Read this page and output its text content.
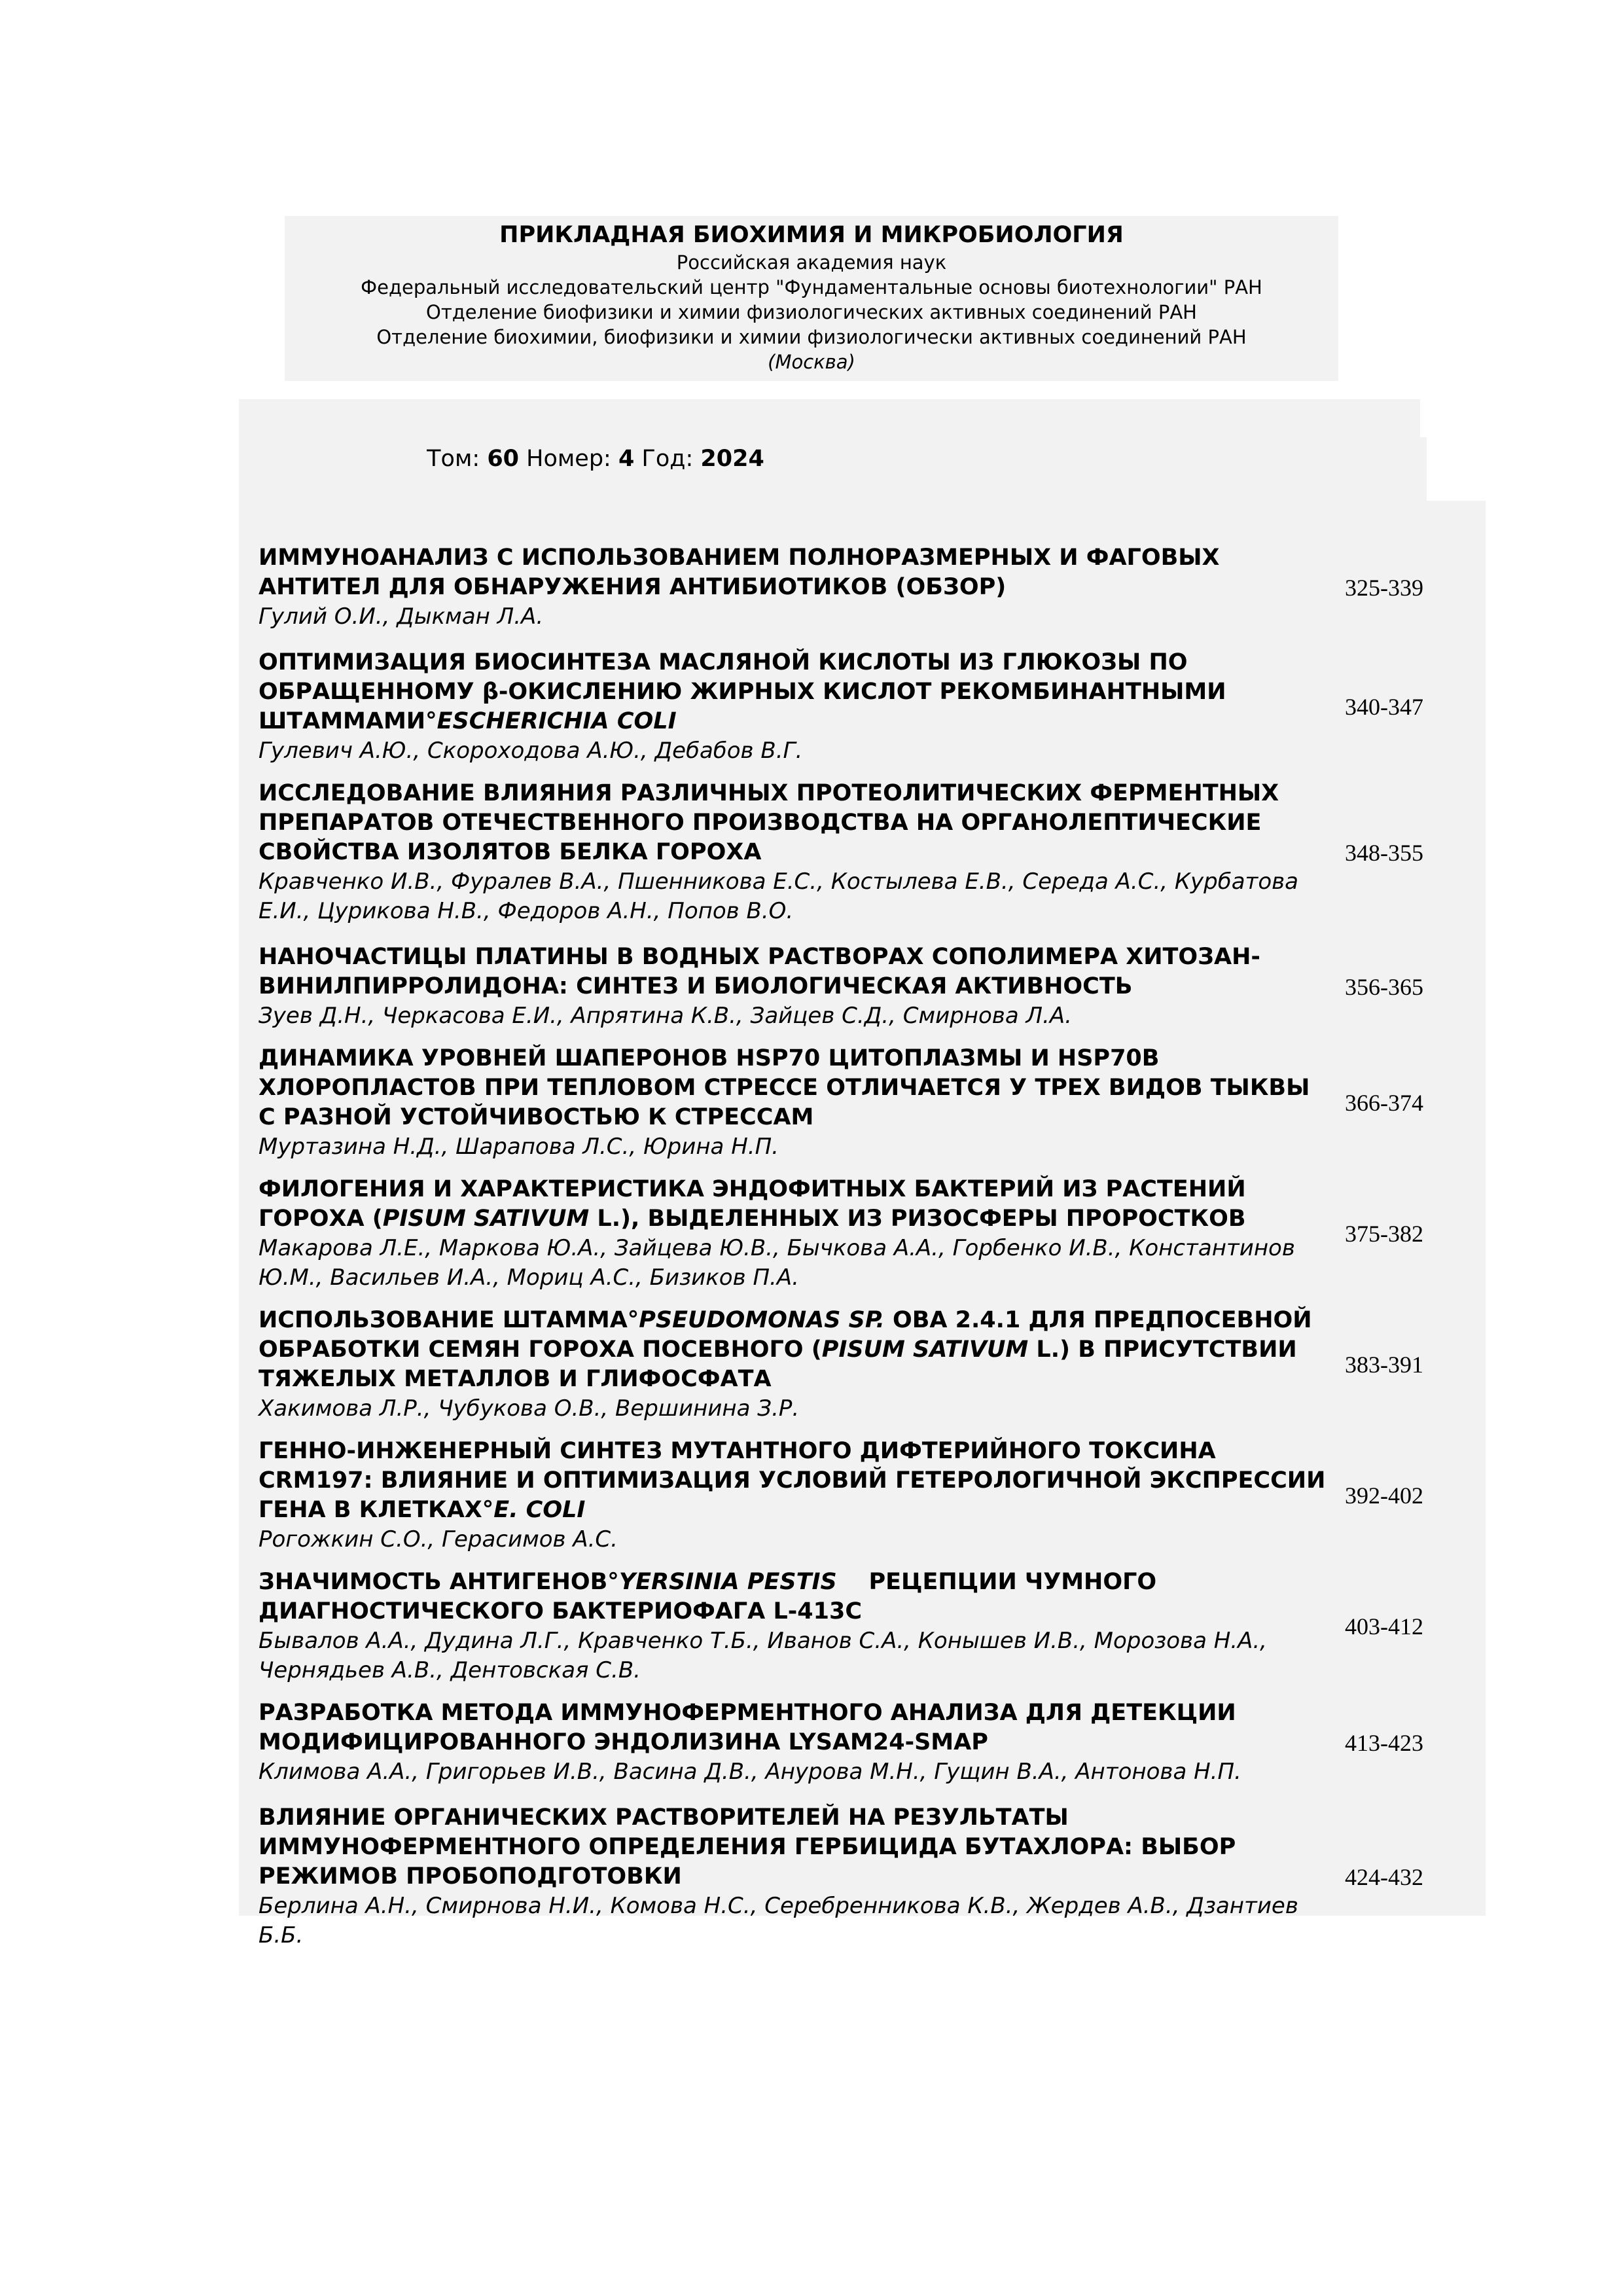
ПРИКЛАДНАЯ БИОХИМИЯ И МИКРОБИОЛОГИЯ
Российская академия наук
Федеральный исследовательский центр "Фундаментальные основы биотехнологии" РАН
Отделение биофизики и химии физиологических активных соединений РАН
Отделение биохимии, биофизики и химии физиологически активных соединений РАН
(Москва)
Том: 60 Номер: 4 Год: 2024
ИММУНОАНАЛИЗ С ИСПОЛЬЗОВАНИЕМ ПОЛНОРАЗМЕРНЫХ И ФАГОВЫХ АНТИТЕЛ ДЛЯ ОБНАРУЖЕНИЯ АНТИБИОТИКОВ (ОБЗОР)
Гулий О.И., Дыкман Л.А.
325-339
ОПТИМИЗАЦИЯ БИОСИНТЕЗА МАСЛЯНОЙ КИСЛОТЫ ИЗ ГЛЮКОЗЫ ПО ОБРАЩЕННОМУ β-ОКИСЛЕНИЮ ЖИРНЫХ КИСЛОТ РЕКОМБИНАНТНЫМИ ШТАММАМИ°ESCHERICHIA COLI
Гулевич А.Ю., Скороходова А.Ю., Дебабов В.Г.
340-347
ИССЛЕДОВАНИЕ ВЛИЯНИЯ РАЗЛИЧНЫХ ПРОТЕОЛИТИЧЕСКИХ ФЕРМЕНТНЫХ ПРЕПАРАТОВ ОТЕЧЕСТВЕННОГО ПРОИЗВОДСТВА НА ОРГАНОЛЕПТИЧЕСКИЕ СВОЙСТВА ИЗОЛЯТОВ БЕЛКА ГОРОХА
Кравченко И.В., Фуралев В.А., Пшенникова Е.С., Костылева Е.В., Середа А.С., Курбатова Е.И., Цурикова Н.В., Федоров А.Н., Попов В.О.
348-355
НАНОЧАСТИЦЫ ПЛАТИНЫ В ВОДНЫХ РАСТВОРАХ СОПОЛИМЕРА ХИТОЗАН-ВИНИЛПИРРОЛИДОНА: СИНТЕЗ И БИОЛОГИЧЕСКАЯ АКТИВНОСТЬ
Зуев Д.Н., Черкасова Е.И., Апрятина К.В., Зайцев С.Д., Смирнова Л.А.
356-365
ДИНАМИКА УРОВНЕЙ ШАПЕРОНОВ HSP70 ЦИТОПЛАЗМЫ И HSP70B ХЛОРОПЛАСТОВ ПРИ ТЕПЛОВОМ СТРЕССЕ ОТЛИЧАЕТСЯ У ТРЕХ ВИДОВ ТЫКВЫ С РАЗНОЙ УСТОЙЧИВОСТЬЮ К СТРЕССАМ
Муртазина Н.Д., Шарапова Л.С., Юрина Н.П.
366-374
ФИЛОГЕНИЯ И ХАРАКТЕРИСТИКА ЭНДОФИТНЫХ БАКТЕРИЙ ИЗ РАСТЕНИЙ ГОРОХА (PISUM SATIVUM L.), ВЫДЕЛЕННЫХ ИЗ РИЗОСФЕРЫ ПРОРОСТКОВ
Макарова Л.Е., Маркова Ю.А., Зайцева Ю.В., Бычкова А.А., Горбенко И.В., Константинов Ю.М., Васильев И.А., Мориц А.С., Бизиков П.А.
375-382
ИСПОЛЬЗОВАНИЕ ШТАММА°PSEUDOMONAS SP. OBA 2.4.1 ДЛЯ ПРЕДПОСЕВНОЙ ОБРАБОТКИ СЕМЯН ГОРОХА ПОСЕВНОГО (PISUM SATIVUM L.) В ПРИСУТСТВИИ ТЯЖЕЛЫХ МЕТАЛЛОВ И ГЛИФОСФАТА
Хакимова Л.Р., Чубукова О.В., Вершинина З.Р.
383-391
ГЕННО-ИНЖЕНЕРНЫЙ СИНТЕЗ МУТАНТНОГО ДИФТЕРИЙНОГО ТОКСИНА CRM197: ВЛИЯНИЕ И ОПТИМИЗАЦИЯ УСЛОВИЙ ГЕТЕРОЛОГИЧНОЙ ЭКСПРЕССИИ ГЕНА В КЛЕТКАХ°E. COLI
Рогожкин С.О., Герасимов А.С.
392-402
ЗНАЧИМОСТЬ АНТИГЕНОВ°YERSINIA PESTIS    РЕЦЕПЦИИ ЧУМНОГО ДИАГНОСТИЧЕСКОГО БАКТЕРИОФАГА L-413C
Бывалов А.А., Дудина Л.Г., Кравченко Т.Б., Иванов С.А., Конышев И.В., Морозова Н.А., Чернядьев А.В., Дентовская С.В.
403-412
РАЗРАБОТКА МЕТОДА ИММУНОФЕРМЕНТНОГО АНАЛИЗА ДЛЯ ДЕТЕКЦИИ МОДИФИЦИРОВАННОГО ЭНДОЛИЗИНА LYSAM24-SMAP
Климова А.А., Григорьев И.В., Васина Д.В., Анурова М.Н., Гущин В.А., Антонова Н.П.
413-423
ВЛИЯНИЕ ОРГАНИЧЕСКИХ РАСТВОРИТЕЛЕЙ НА РЕЗУЛЬТАТЫ ИММУНОФЕРМЕНТНОГО ОПРЕДЕЛЕНИЯ ГЕРБИЦИДА БУТАХЛОРА: ВЫБОР РЕЖИМОВ ПРОБОПОДГОТОВКИ
Берлина А.Н., Смирнова Н.И., Комова Н.С., Серебренникова К.В., Жердев А.В., Дзантиев Б.Б.
424-432
